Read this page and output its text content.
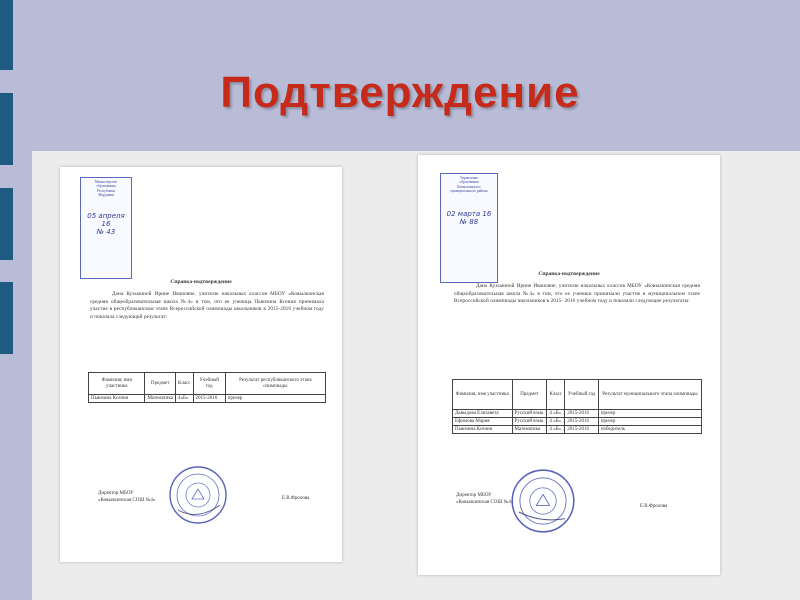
Подтверждение
Министерство
образования
Республики
Мордовия
05 апреля 16
№ 43
Справка-подтверждение
Дана Кузьминой Ирине Ивановне, учителю начальных классов МБОУ «Ковылкинская средняя общеобразовательная школа №4» в том, что ее ученица Пьянзина Ксения принимала участие в республиканском этапе Всероссийской олимпиады школьников в 2015-2016 учебном году и показала следующий результат:
Фамилия, имя участника	Предмет	Класс	Учебный год	Результат республиканского этапа олимпиады
Пьянзина Ксения	Математика	4«Б»	2015-2016	призер
Директор МБОУ
«Ковылкинская СОШ №4»	Е.В.Фролова
Управление
образования
Ковылкинского
муниципального района
02 марта 16
№ 88
Справка-подтверждение
Дана Кузьминой Ирине Ивановне, учителю начальных классов МБОУ «Ковылкинская средняя общеобразовательная школа №4» в том, что ее ученики принимали участие в муниципальном этапе Всероссийской олимпиады школьников в 2015- 2016 учебном году и показали следующие результаты:
Фамилия, имя участника	Предмет	Класс	Учебный год	Результат муниципального этапа олимпиады
Давыдова Елизавета	Русский язык	4 «Б»	2015-2016	призер
Ефимова Мария	Русский язык	4 «Б»	2015-2016	призер
Пьянзина Ксения	Математика	4 «Б»	2015-2016	победитель
Директор МБОУ
«Ковылкинская СОШ №4»
Е.В.Фролова
